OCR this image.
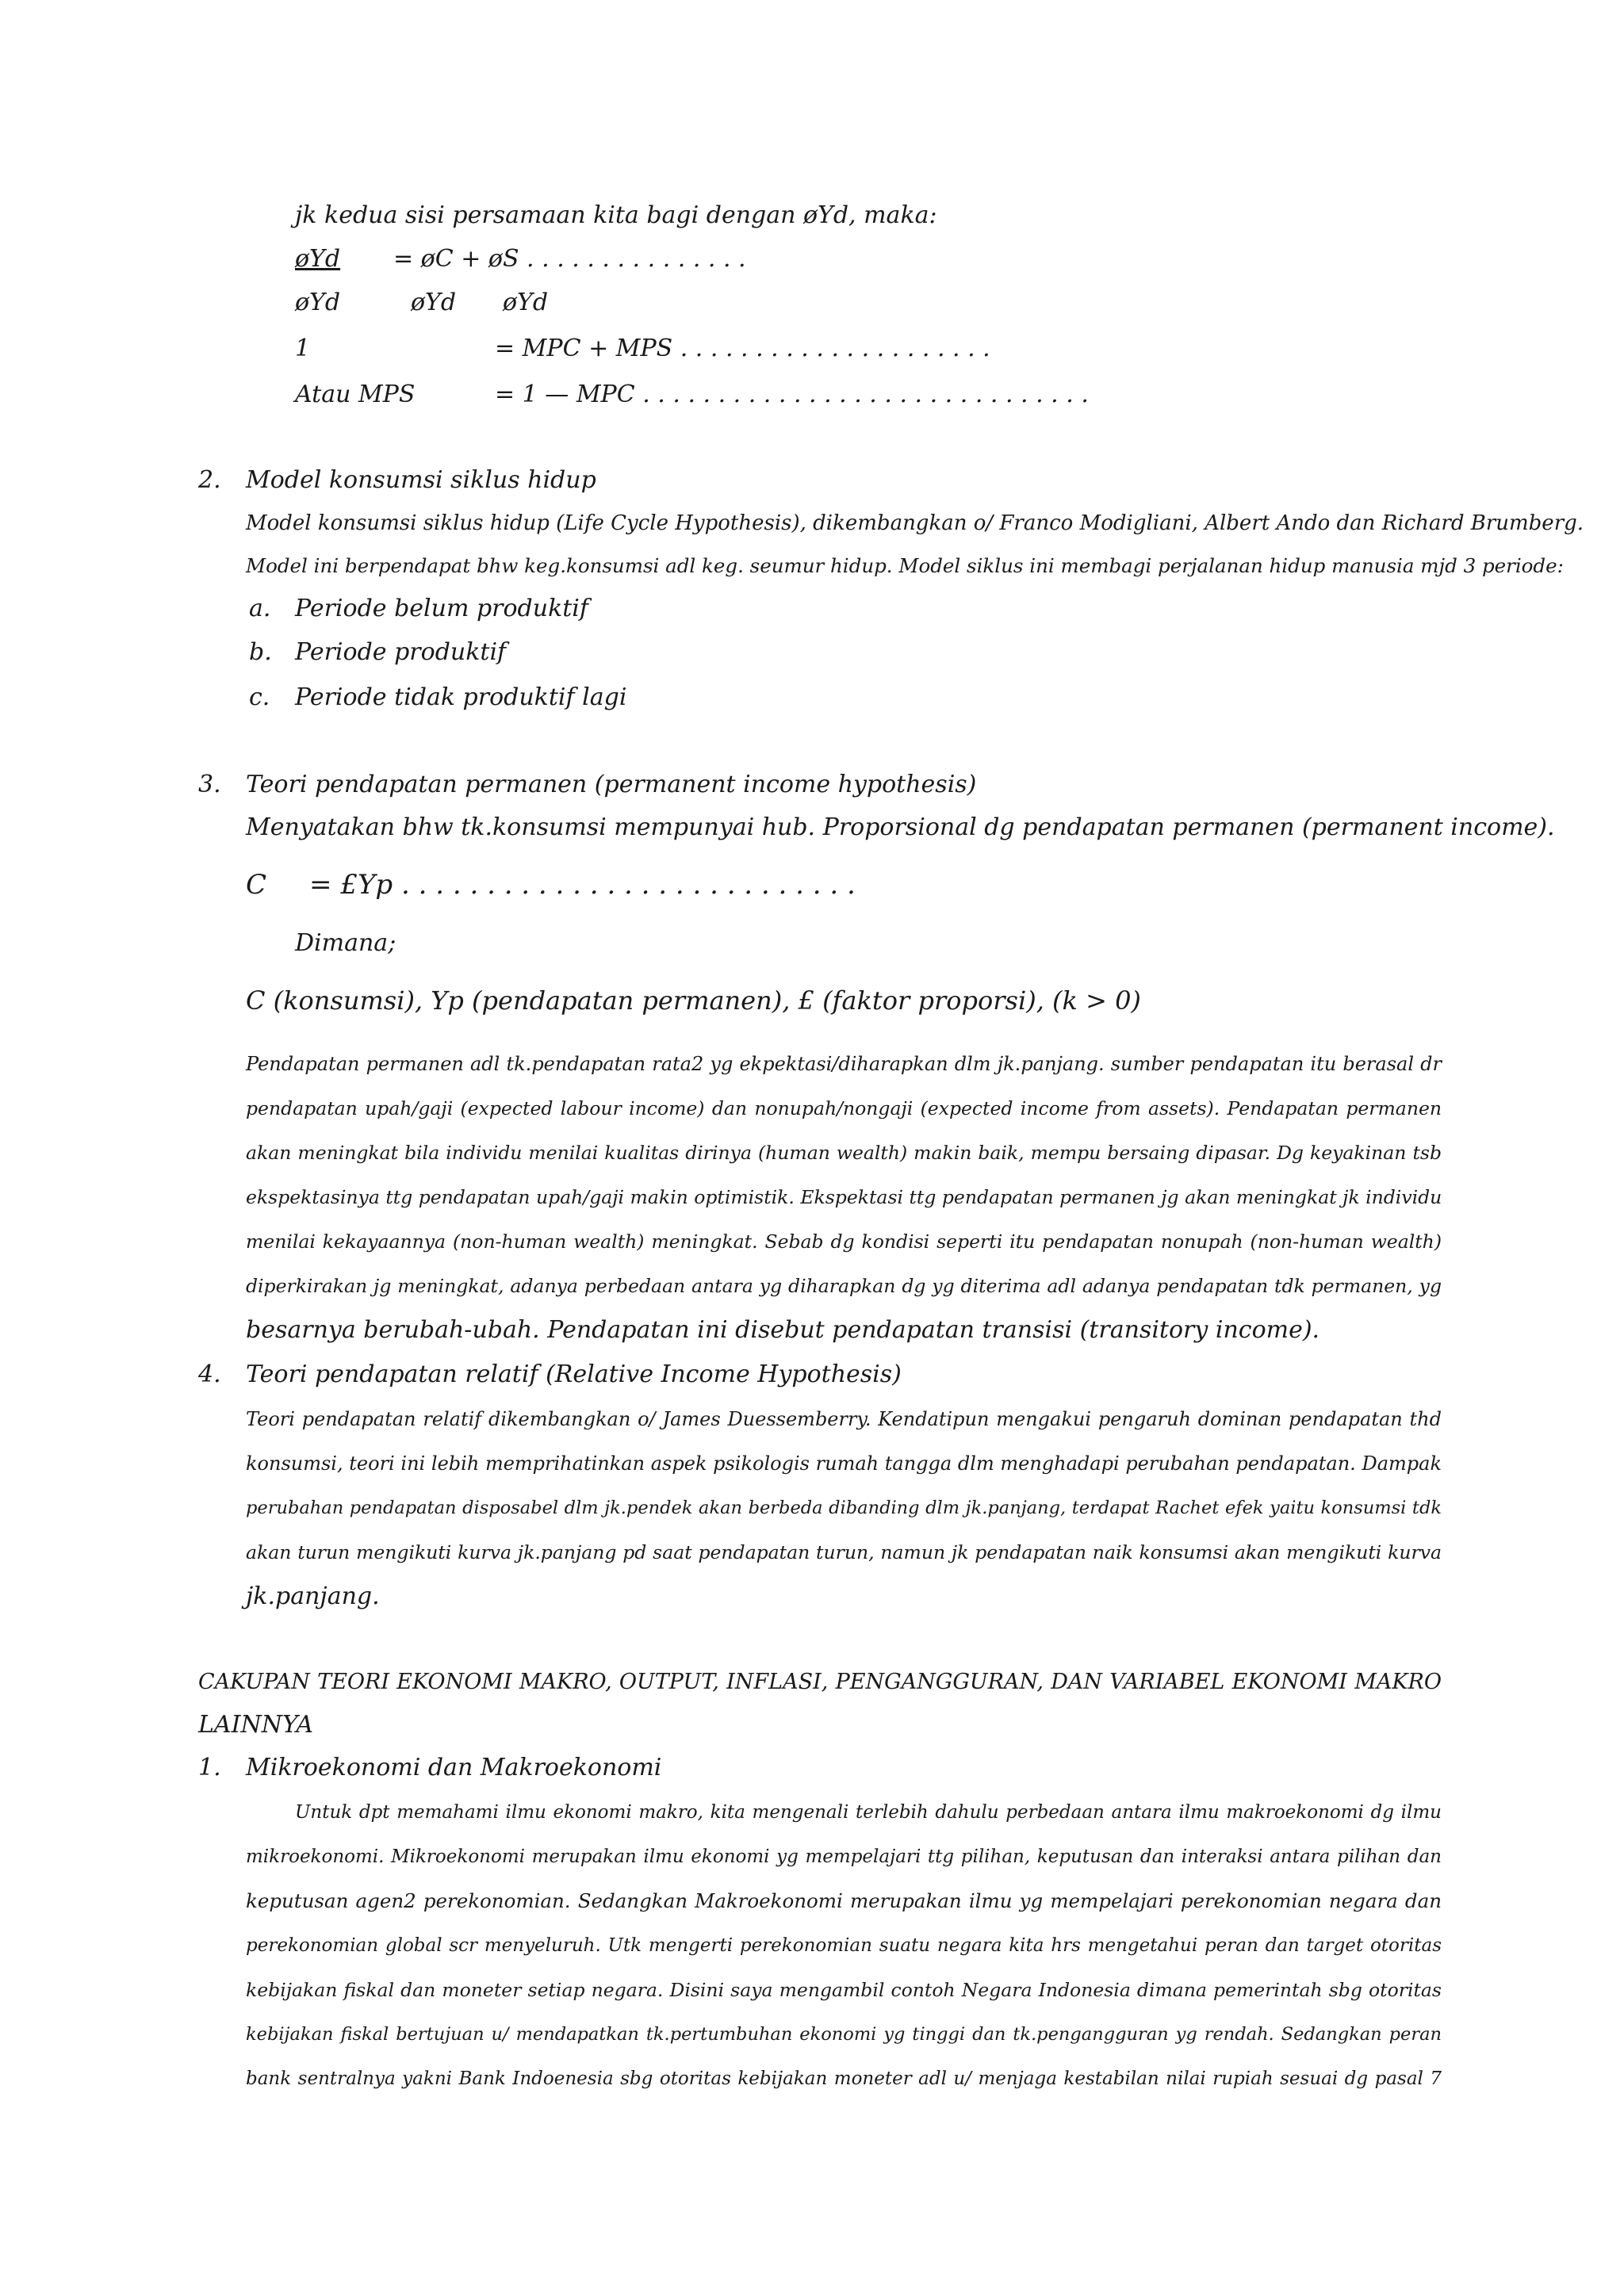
jk kedua sisi persamaan kita bagi dengan øYd, maka:
øYd = øC + øS . . . . . . . . . . . . . . .
øYd	øYd øYd
1	= MPC + MPS . . . . . . . . . . . . . . . . . . . . .
Atau MPS	= 1 — MPC . . . . . . . . . . . . . . . . . . . . . . . . . . . . . .
2. Model konsumsi siklus hidup
Model konsumsi siklus hidup (Life Cycle Hypothesis), dikembangkan o/ Franco Modigliani, Albert Ando dan Richard Brumberg.
Model ini berpendapat bhw keg.konsumsi adl keg. seumur hidup. Model siklus ini membagi perjalanan hidup manusia mjd 3 periode:
a. Periode belum produktif
b. Periode produktif
c. Periode tidak produktif lagi
3. Teori pendapatan permanen (permanent income hypothesis)
Menyatakan bhw tk.konsumsi mempunyai hub. Proporsional dg pendapatan permanen (permanent income).
C     = £Yp . . . . . . . . . . . . . . . . . . . . . . . . . . .
Dimana;
C (konsumsi), Yp (pendapatan permanen), £ (faktor proporsi), (k > 0)
Pendapatan permanen adl tk.pendapatan rata2 yg ekpektasi/diharapkan dlm jk.panjang. sumber pendapatan itu berasal dr
pendapatan upah/gaji (expected labour income) dan nonupah/nongaji (expected income from assets). Pendapatan permanen
akan meningkat bila individu menilai kualitas dirinya (human wealth) makin baik, mempu bersaing dipasar. Dg keyakinan tsb
ekspektasinya ttg pendapatan upah/gaji makin optimistik. Ekspektasi ttg pendapatan permanen jg akan meningkat jk individu
menilai kekayaannya (non-human wealth) meningkat. Sebab dg kondisi seperti itu pendapatan nonupah (non-human wealth)
diperkirakan jg meningkat, adanya perbedaan antara yg diharapkan dg yg diterima adl adanya pendapatan tdk permanen, yg
besarnya berubah-ubah. Pendapatan ini disebut pendapatan transisi (transitory income).
4. Teori pendapatan relatif (Relative Income Hypothesis)
Teori pendapatan relatif dikembangkan o/ James Duessemberry. Kendatipun mengakui pengaruh dominan pendapatan thd
konsumsi, teori ini lebih memprihatinkan aspek psikologis rumah tangga dlm menghadapi perubahan pendapatan. Dampak
perubahan pendapatan disposabel dlm jk.pendek akan berbeda dibanding dlm jk.panjang, terdapat Rachet efek yaitu konsumsi tdk
akan turun mengikuti kurva jk.panjang pd saat pendapatan turun, namun jk pendapatan naik konsumsi akan mengikuti kurva
jk.panjang.
CAKUPAN TEORI EKONOMI MAKRO, OUTPUT, INFLASI, PENGANGGURAN, DAN VARIABEL EKONOMI MAKRO
LAINNYA
1. Mikroekonomi dan Makroekonomi
Untuk dpt memahami ilmu ekonomi makro, kita mengenali terlebih dahulu perbedaan antara ilmu makroekonomi dg ilmu
mikroekonomi. Mikroekonomi merupakan ilmu ekonomi yg mempelajari ttg pilihan, keputusan dan interaksi antara pilihan dan
keputusan agen2 perekonomian. Sedangkan Makroekonomi merupakan ilmu yg mempelajari perekonomian negara dan
perekonomian global scr menyeluruh. Utk mengerti perekonomian suatu negara kita hrs mengetahui peran dan target otoritas
kebijakan fiskal dan moneter setiap negara. Disini saya mengambil contoh Negara Indonesia dimana pemerintah sbg otoritas
kebijakan fiskal bertujuan u/ mendapatkan tk.pertumbuhan ekonomi yg tinggi dan tk.pengangguran yg rendah. Sedangkan peran
bank sentralnya yakni Bank Indoenesia sbg otoritas kebijakan moneter adl u/ menjaga kestabilan nilai rupiah sesuai dg pasal 7
